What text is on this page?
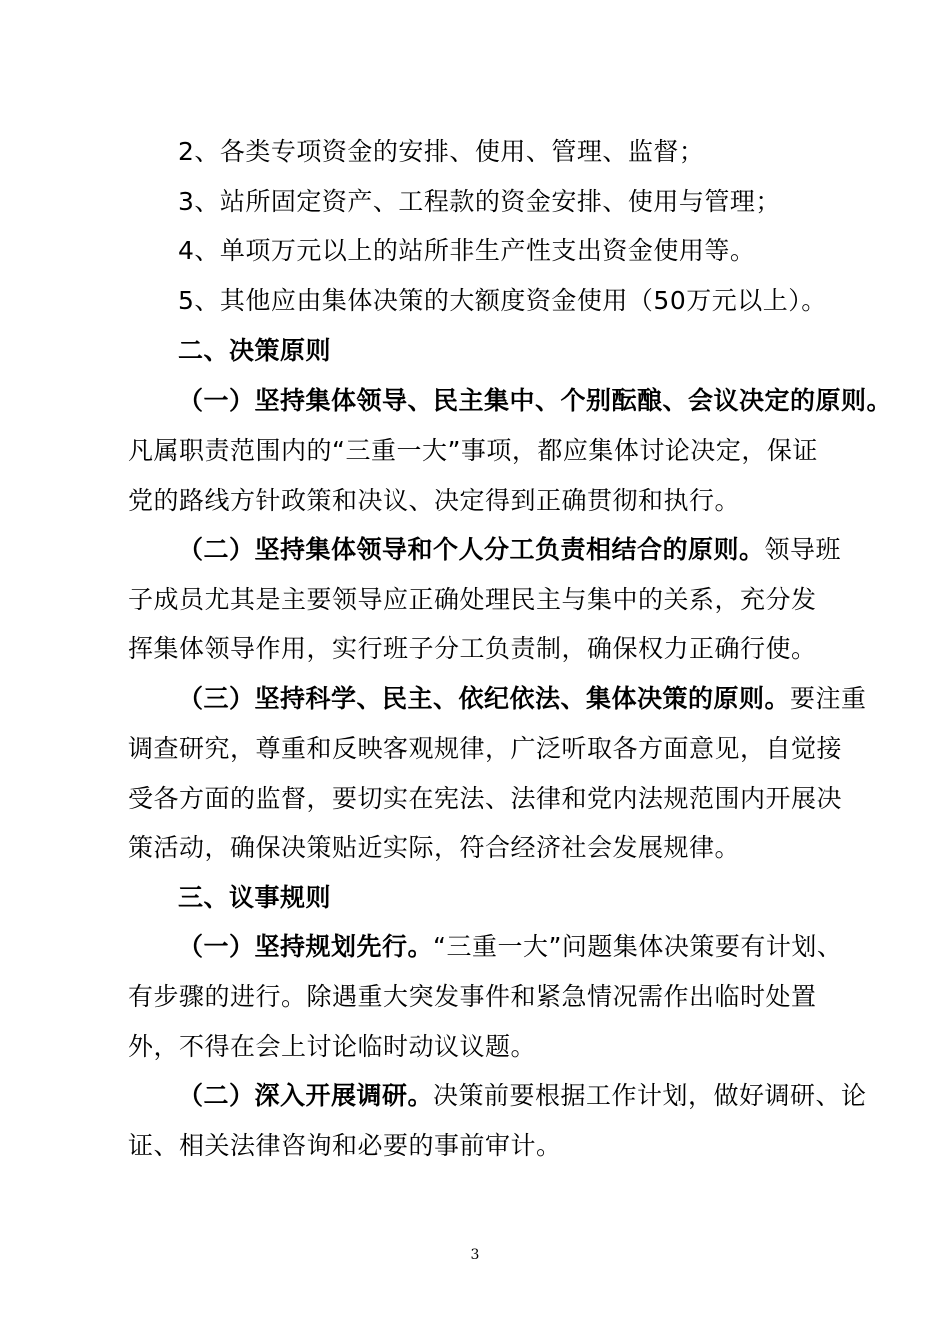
2、各类专项资金的安排、使用、管理、监督；
3、站所固定资产、工程款的资金安排、使用与管理；
4、单项万元以上的站所非生产性支出资金使用等。
5、其他应由集体决策的大额度资金使用（50万元以上）。
二、决策原则
（一）坚持集体领导、民主集中、个别酝酿、会议决定的原则。
凡属职责范围内的“三重一大”事项，都应集体讨论决定，保证
党的路线方针政策和决议、决定得到正确贯彻和执行。
（二）坚持集体领导和个人分工负责相结合的原则。领导班
子成员尤其是主要领导应正确处理民主与集中的关系，充分发
挥集体领导作用，实行班子分工负责制，确保权力正确行使。
（三）坚持科学、民主、依纪依法、集体决策的原则。要注重
调查研究，尊重和反映客观规律，广泛听取各方面意见，自觉接
受各方面的监督，要切实在宪法、法律和党内法规范围内开展决
策活动，确保决策贴近实际，符合经济社会发展规律。
三、议事规则
（一）坚持规划先行。“三重一大”问题集体决策要有计划、
有步骤的进行。除遇重大突发事件和紧急情况需作出临时处置
外，不得在会上讨论临时动议议题。
（二）深入开展调研。决策前要根据工作计划，做好调研、论
证、相关法律咨询和必要的事前审计。
3
